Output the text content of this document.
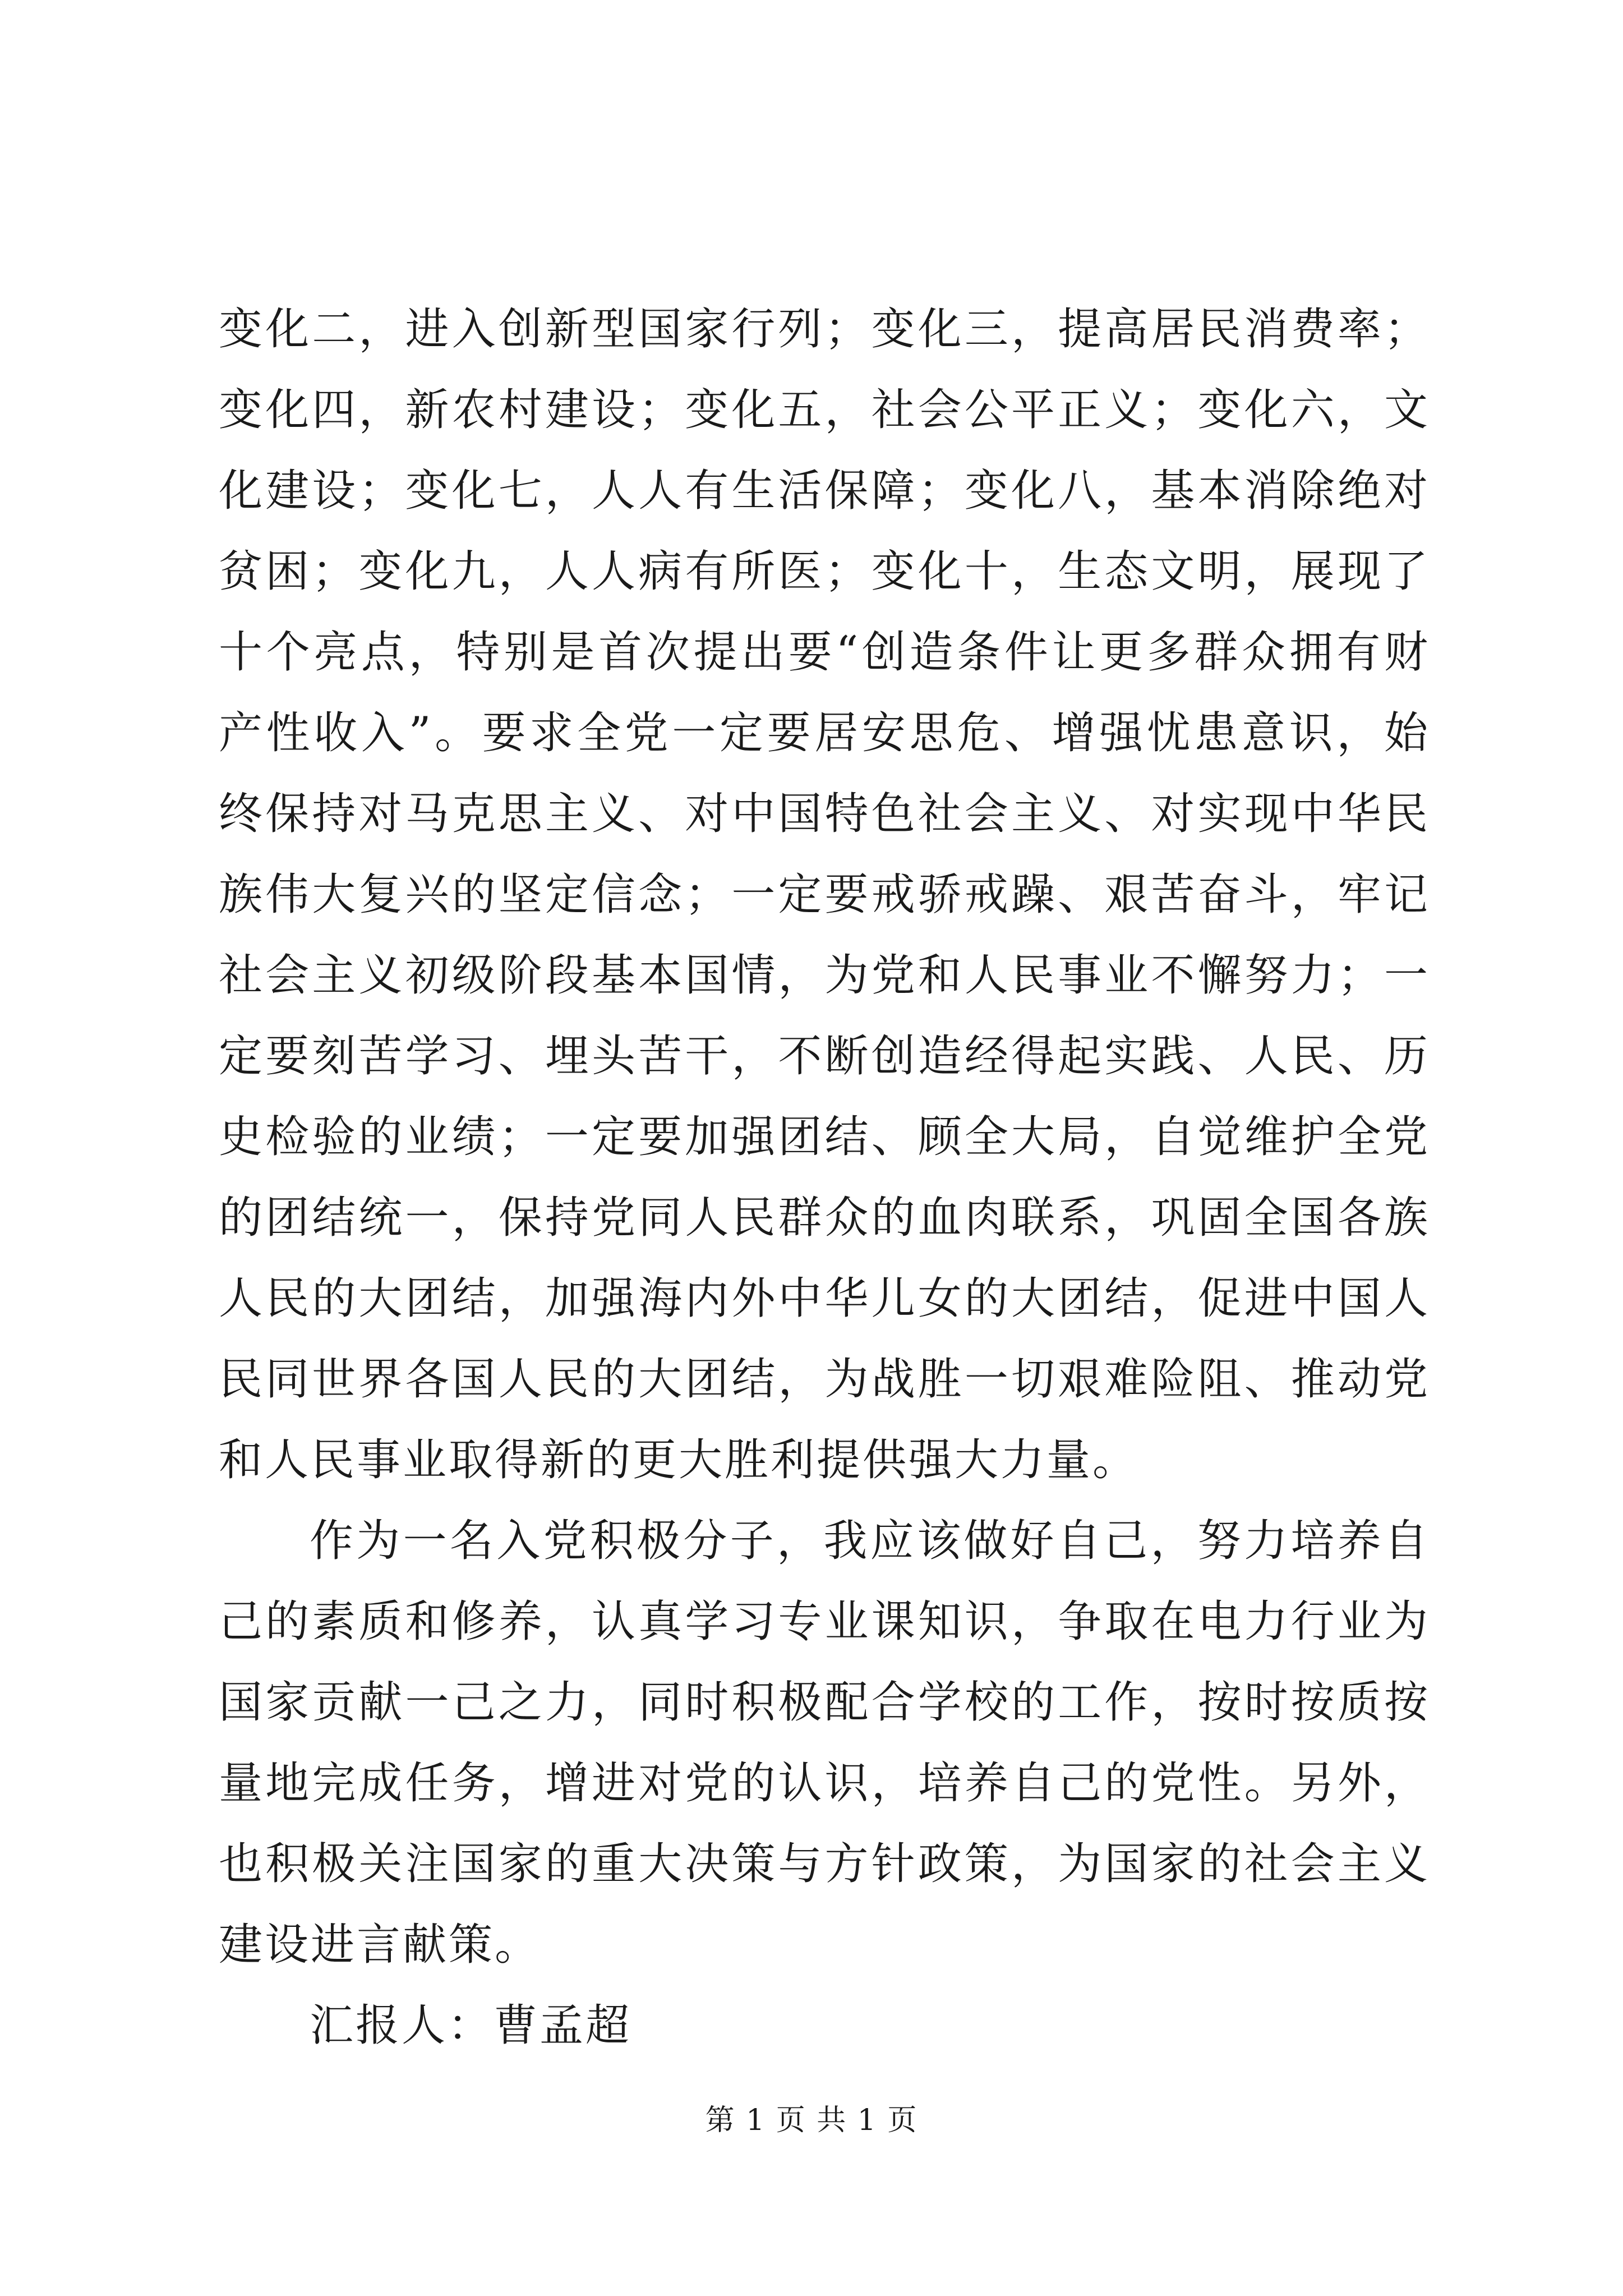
变化二，进入创新型国家行列；变化三，提高居民消费率；变化四，新农村建设；变化五，社会公平正义；变化六，文化建设；变化七，人人有生活保障；变化八，基本消除绝对贫困；变化九，人人病有所医；变化十，生态文明，展现了十个亮点，特别是首次提出要“创造条件让更多群众拥有财产性收入”。要求全党一定要居安思危、增强忧患意识，始终保持对马克思主义、对中国特色社会主义、对实现中华民族伟大复兴的坚定信念；一定要戒骄戒躁、艰苦奋斗，牢记社会主义初级阶段基本国情，为党和人民事业不懈努力；一定要刻苦学习、埋头苦干，不断创造经得起实践、人民、历史检验的业绩；一定要加强团结、顾全大局，自觉维护全党的团结统一，保持党同人民群众的血肉联系，巩固全国各族人民的大团结，加强海内外中华儿女的大团结，促进中国人民同世界各国人民的大团结，为战胜一切艰难险阻、推动党和人民事业取得新的更大胜利提供强大力量。

作为一名入党积极分子，我应该做好自己，努力培养自己的素质和修养，认真学习专业课知识，争取在电力行业为国家贡献一己之力，同时积极配合学校的工作，按时按质按量地完成任务，增进对党的认识，培养自己的党性。另外，也积极关注国家的重大决策与方针政策，为国家的社会主义建设进言献策。

汇报人：曹孟超

第 1 页 共 1 页
